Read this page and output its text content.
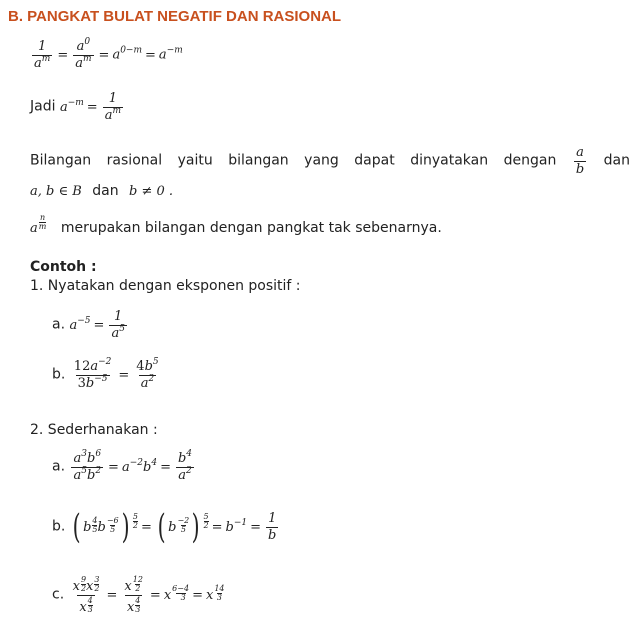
B. PANGKAT BULAT NEGATIF DAN RASIONAL
$\frac{1}{a^m} = \frac{a^0}{a^m} = a^{0-m} = a^{-m}$
Jadi $a^{-m} = \frac{1}{a^m}$
Bilangan rasional yaitu bilangan yang dapat dinyatakan dengan $\frac{a}{b}$ dan
a, b ∈ B dan b ≠ 0 .
a $\frac{n}{m}$ merupakan bilangan dengan pangkat tak sebenarnya.
Contoh :
1. Nyatakan dengan eksponen positif :
a. $a^{-5} = \frac{1}{a^5}$
b. $\frac{12a^{-2}}{3b^{-5}} = \frac{4b^5}{a^2}$
2. Sederhanakan :
a. $\frac{a^3b^6}{a^5b^2} = a^{-2}b^4 = \frac{b^4}{a^2}$
b. ( b $\frac{4}{5}$ b $\frac{-6}{5}$ ) $\frac{5}{2}$ = ( b $\frac{-2}{5}$ ) $\frac{5}{2} = b^{-1} = \frac{1}{b}$
c. $\frac{x \frac{9}{2} x \frac{3}{2}}{x \frac{4}{3}} = \frac{x \frac{12}{2}}{x \frac{4}{3}} = x \frac{6-4}{3} = x \frac{14}{3}$
